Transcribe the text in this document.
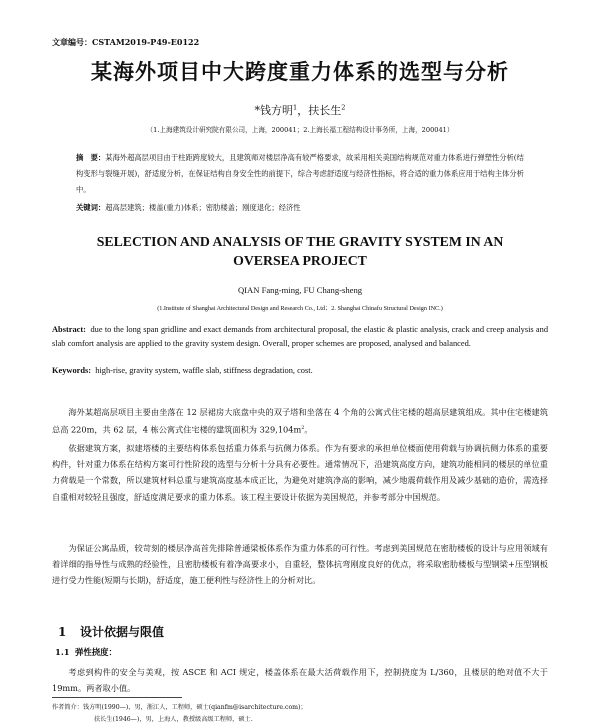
文章编号：CSTAM2019-P49-E0122
某海外项目中大跨度重力体系的选型与分析
*钱方明$^1$，扶长生$^2$
（1.上海建筑设计研究院有限公司，上海，200041；2.上海长福工程结构设计事务所，上海，200041）
摘　要：某海外超高层项目由于柱距跨度较大，且建筑师对楼层净高有较严格要求，故采用相关美国结构规范对重力体系进行弹塑性分析(结构变形与裂缝开展)，舒适度分析，在保证结构自身安全性的前提下，综合考虑舒适度与经济性指标，将合适的重力体系应用于结构主体分析中。
关键词：超高层建筑；楼盖(重力)体系；密肋楼盖；刚度退化；经济性
SELECTION AND ANALYSIS OF THE GRAVITY SYSTEM IN AN OVERSEA PROJECT
QIAN Fang-ming, FU Chang-sheng
(1.Institute of Shanghai Architectural Design and Research Co., Ltd；2. Shanghai Chinafu Structural Design INC.)
Abstract: due to the long span gridline and exact demands from architectural proposal, the elastic & plastic analysis, crack and creep analysis and slab comfort analysis are applied to the gravity system design. Overall, proper schemes are proposed, analysed and balanced.
Keywords: high-rise, gravity system, waffle slab, stiffness degradation, cost.
海外某超高层项目主要由坐落在 12 层裙房大底盘中央的双子塔和坐落在 4 个角的公寓式住宅楼的超高层建筑组成。其中住宅楼建筑总高 220m，共 62 层，4 栋公寓式住宅楼的建筑面积为 $329,104m^2$。
依据建筑方案，拟建塔楼的主要结构体系包括重力体系与抗侧力体系。作为有要求的承担单位楼面使用荷载与协调抗侧力体系的重要构件，针对重力体系在结构方案可行性阶段的选型与分析十分具有必要性。通常情况下，沿建筑高度方向，建筑功能相同的楼层的单位重力荷载是一个常数，所以建筑材料总重与建筑高度基本成正比，为避免对建筑净高的影响，减少地震荷载作用及减少基础的造价，需选择自重相对较轻且强度，舒适度满足要求的重力体系。该工程主要设计依据为美国规范，并参考部分中国规范。
为保证公寓品质，较苛刻的楼层净高首先排除普通梁板体系作为重力体系的可行性。考虑到美国规范在密肋楼板的设计与应用领域有着详细的指导性与成熟的经验性，且密肋楼板有着净高要求小，自重轻，整体抗弯刚度良好的优点，将采取密肋楼板与型钢梁+压型钢板进行受力性能(短期与长期)，舒适度，施工便利性与经济性上的分析对比。
1 设计依据与限值
1.1 弹性挠度：
考虑到构件的安全与美观，按 ASCE 和 ACI 规定，楼盖体系在最大活荷载作用下，控制挠度为 L/360，且楼层的绝对值不大于 19mm。两者取小值。
作者简介：钱方明(1990—)，男，浙江人，工程师，硕士(qianfm@isarchitecture.com)；
扶长生(1946—)，男，上海人，教授级高级工程师，硕士.
